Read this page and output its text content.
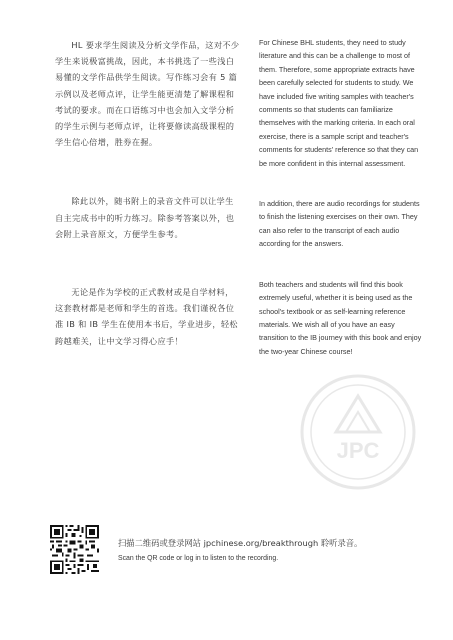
HL 要求学生阅读及分析文学作品，这对不少学生来说极富挑战，因此，本书挑选了一些浅白易懂的文学作品供学生阅读。写作练习会有 5 篇示例以及老师点评，让学生能更清楚了解课程和考试的要求。而在口语练习中也会加入文学分析的学生示例与老师点评，让将要修读高级课程的学生信心倍增，胜券在握。

除此以外，随书附上的录音文件可以让学生自主完成书中的听力练习。除参考答案以外，也会附上录音原文，方便学生参考。

无论是作为学校的正式教材或是自学材料，这套教材都是老师和学生的首选。我们谨祝各位准 IB 和 IB 学生在使用本书后，学业进步，轻松跨越难关，让中文学习得心应手！

For Chinese BHL students, they need to study literature and this can be a challenge to most of them. Therefore, some appropriate extracts have been carefully selected for students to study. We have included five writing samples with teacher's comments so that students can familiarize themselves with the marking criteria. In each oral exercise, there is a sample script and teacher's comments for students' reference so that they can be more confident in this internal assessment.

In addition, there are audio recordings for students to finish the listening exercises on their own. They can also refer to the transcript of each audio according for the answers.

Both teachers and students will find this book extremely useful, whether it is being used as the school's textbook or as self-learning reference materials. We wish all of you have an easy transition to the IB journey with this book and enjoy the two-year Chinese course!

JPC
扫描二维码或登录网站 jpchinese.org/breakthrough 聆听录音。
Scan the QR code or log in to listen to the recording.
